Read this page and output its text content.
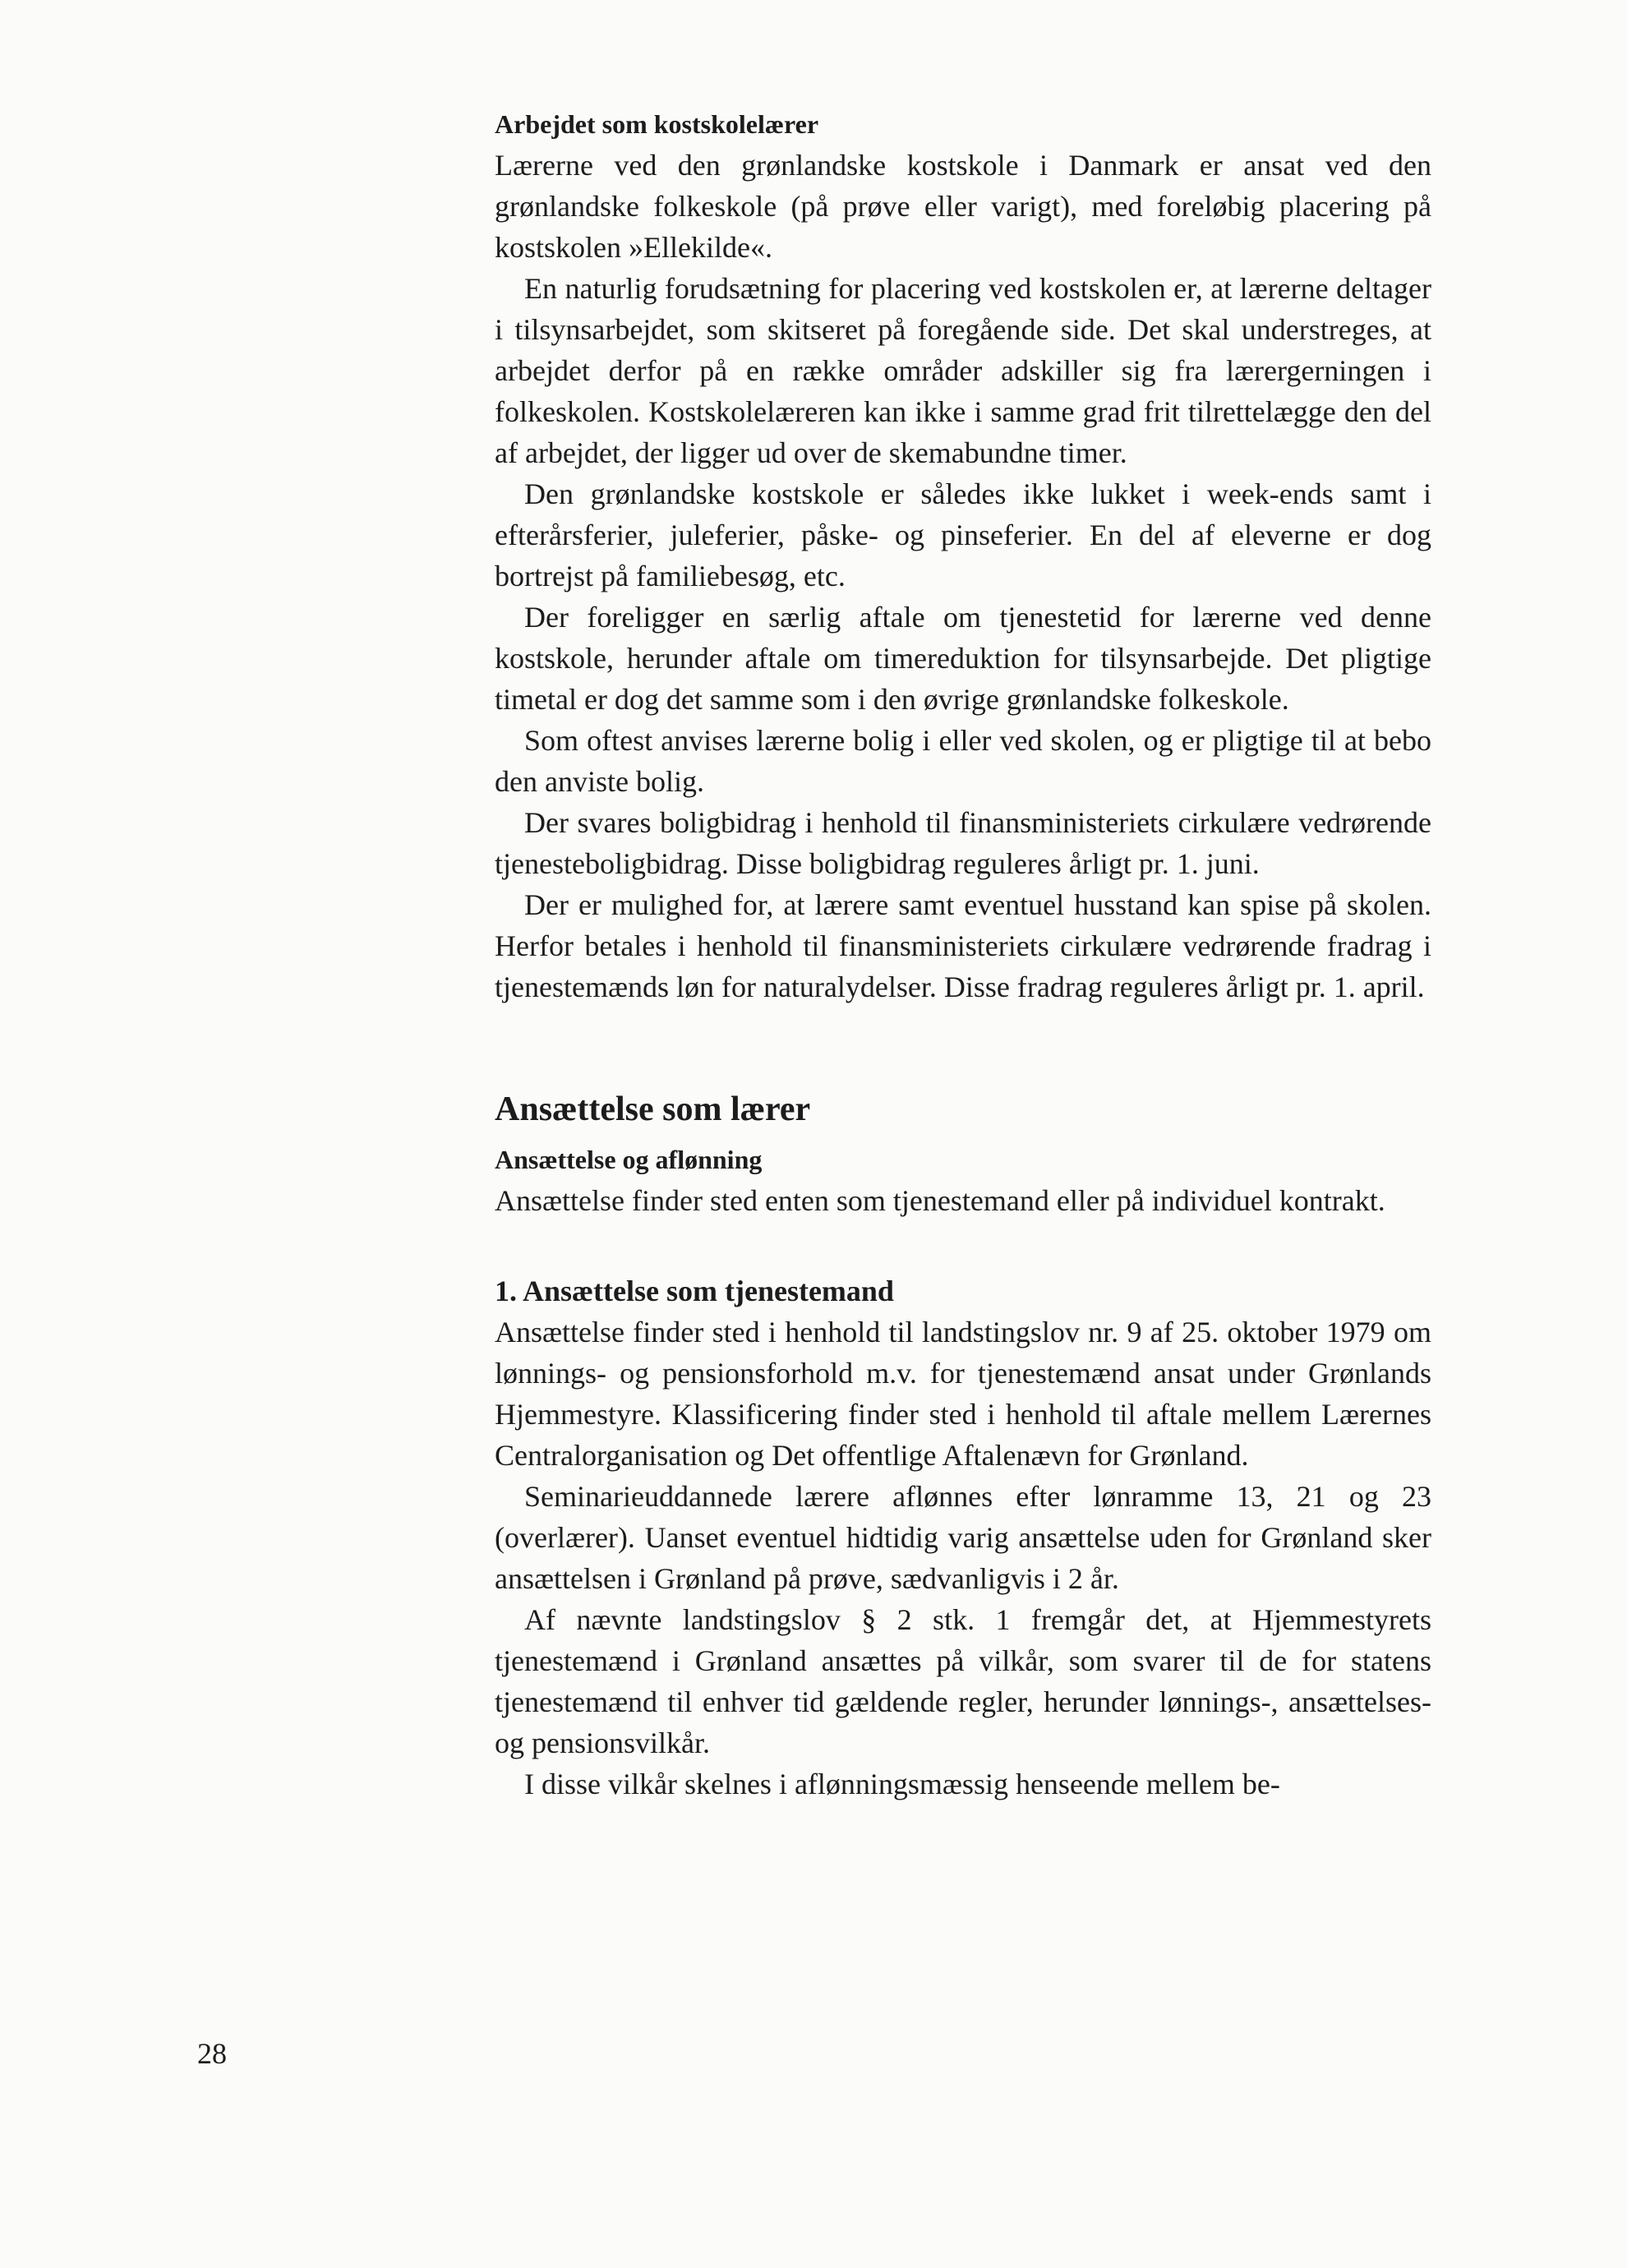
Arbejdet som kostskolelærer

Lærerne ved den grønlandske kostskole i Danmark er ansat ved den grønlandske folkeskole (på prøve eller varigt), med foreløbig placering på kostskolen »Ellekilde«.

En naturlig forudsætning for placering ved kostskolen er, at lærerne deltager i tilsynsarbejdet, som skitseret på foregående side. Det skal understreges, at arbejdet derfor på en række områder adskiller sig fra lærergerningen i folkeskolen. Kostskolelæreren kan ikke i samme grad frit tilrettelægge den del af arbejdet, der ligger ud over de skemabundne timer.

Den grønlandske kostskole er således ikke lukket i week-ends samt i efterårsferier, juleferier, påske- og pinseferier. En del af eleverne er dog bortrejst på familiebesøg, etc.

Der foreligger en særlig aftale om tjenestetid for lærerne ved denne kostskole, herunder aftale om timereduktion for tilsynsarbejde. Det pligtige timetal er dog det samme som i den øvrige grønlandske folkeskole.

Som oftest anvises lærerne bolig i eller ved skolen, og er pligtige til at bebo den anviste bolig.

Der svares boligbidrag i henhold til finansministeriets cirkulære vedrørende tjenesteboligbidrag. Disse boligbidrag reguleres årligt pr. 1. juni.

Der er mulighed for, at lærere samt eventuel husstand kan spise på skolen. Herfor betales i henhold til finansministeriets cirkulære vedrørende fradrag i tjenestemænds løn for naturalydelser. Disse fradrag reguleres årligt pr. 1. april.

Ansættelse som lærer
Ansættelse og aflønning

Ansættelse finder sted enten som tjenestemand eller på individuel kontrakt.

1. Ansættelse som tjenestemand

Ansættelse finder sted i henhold til landstingslov nr. 9 af 25. oktober 1979 om lønnings- og pensionsforhold m.v. for tjenestemænd ansat under Grønlands Hjemmestyre. Klassificering finder sted i henhold til aftale mellem Lærernes Centralorganisation og Det offentlige Aftalenævn for Grønland.

Seminarieuddannede lærere aflønnes efter lønramme 13, 21 og 23 (overlærer). Uanset eventuel hidtidig varig ansættelse uden for Grønland sker ansættelsen i Grønland på prøve, sædvanligvis i 2 år.

Af nævnte landstingslov § 2 stk. 1 fremgår det, at Hjemmestyrets tjenestemænd i Grønland ansættes på vilkår, som svarer til de for statens tjenestemænd til enhver tid gældende regler, herunder lønnings-, ansættelses- og pensionsvilkår.

I disse vilkår skelnes i aflønningsmæssig henseende mellem be-

28
